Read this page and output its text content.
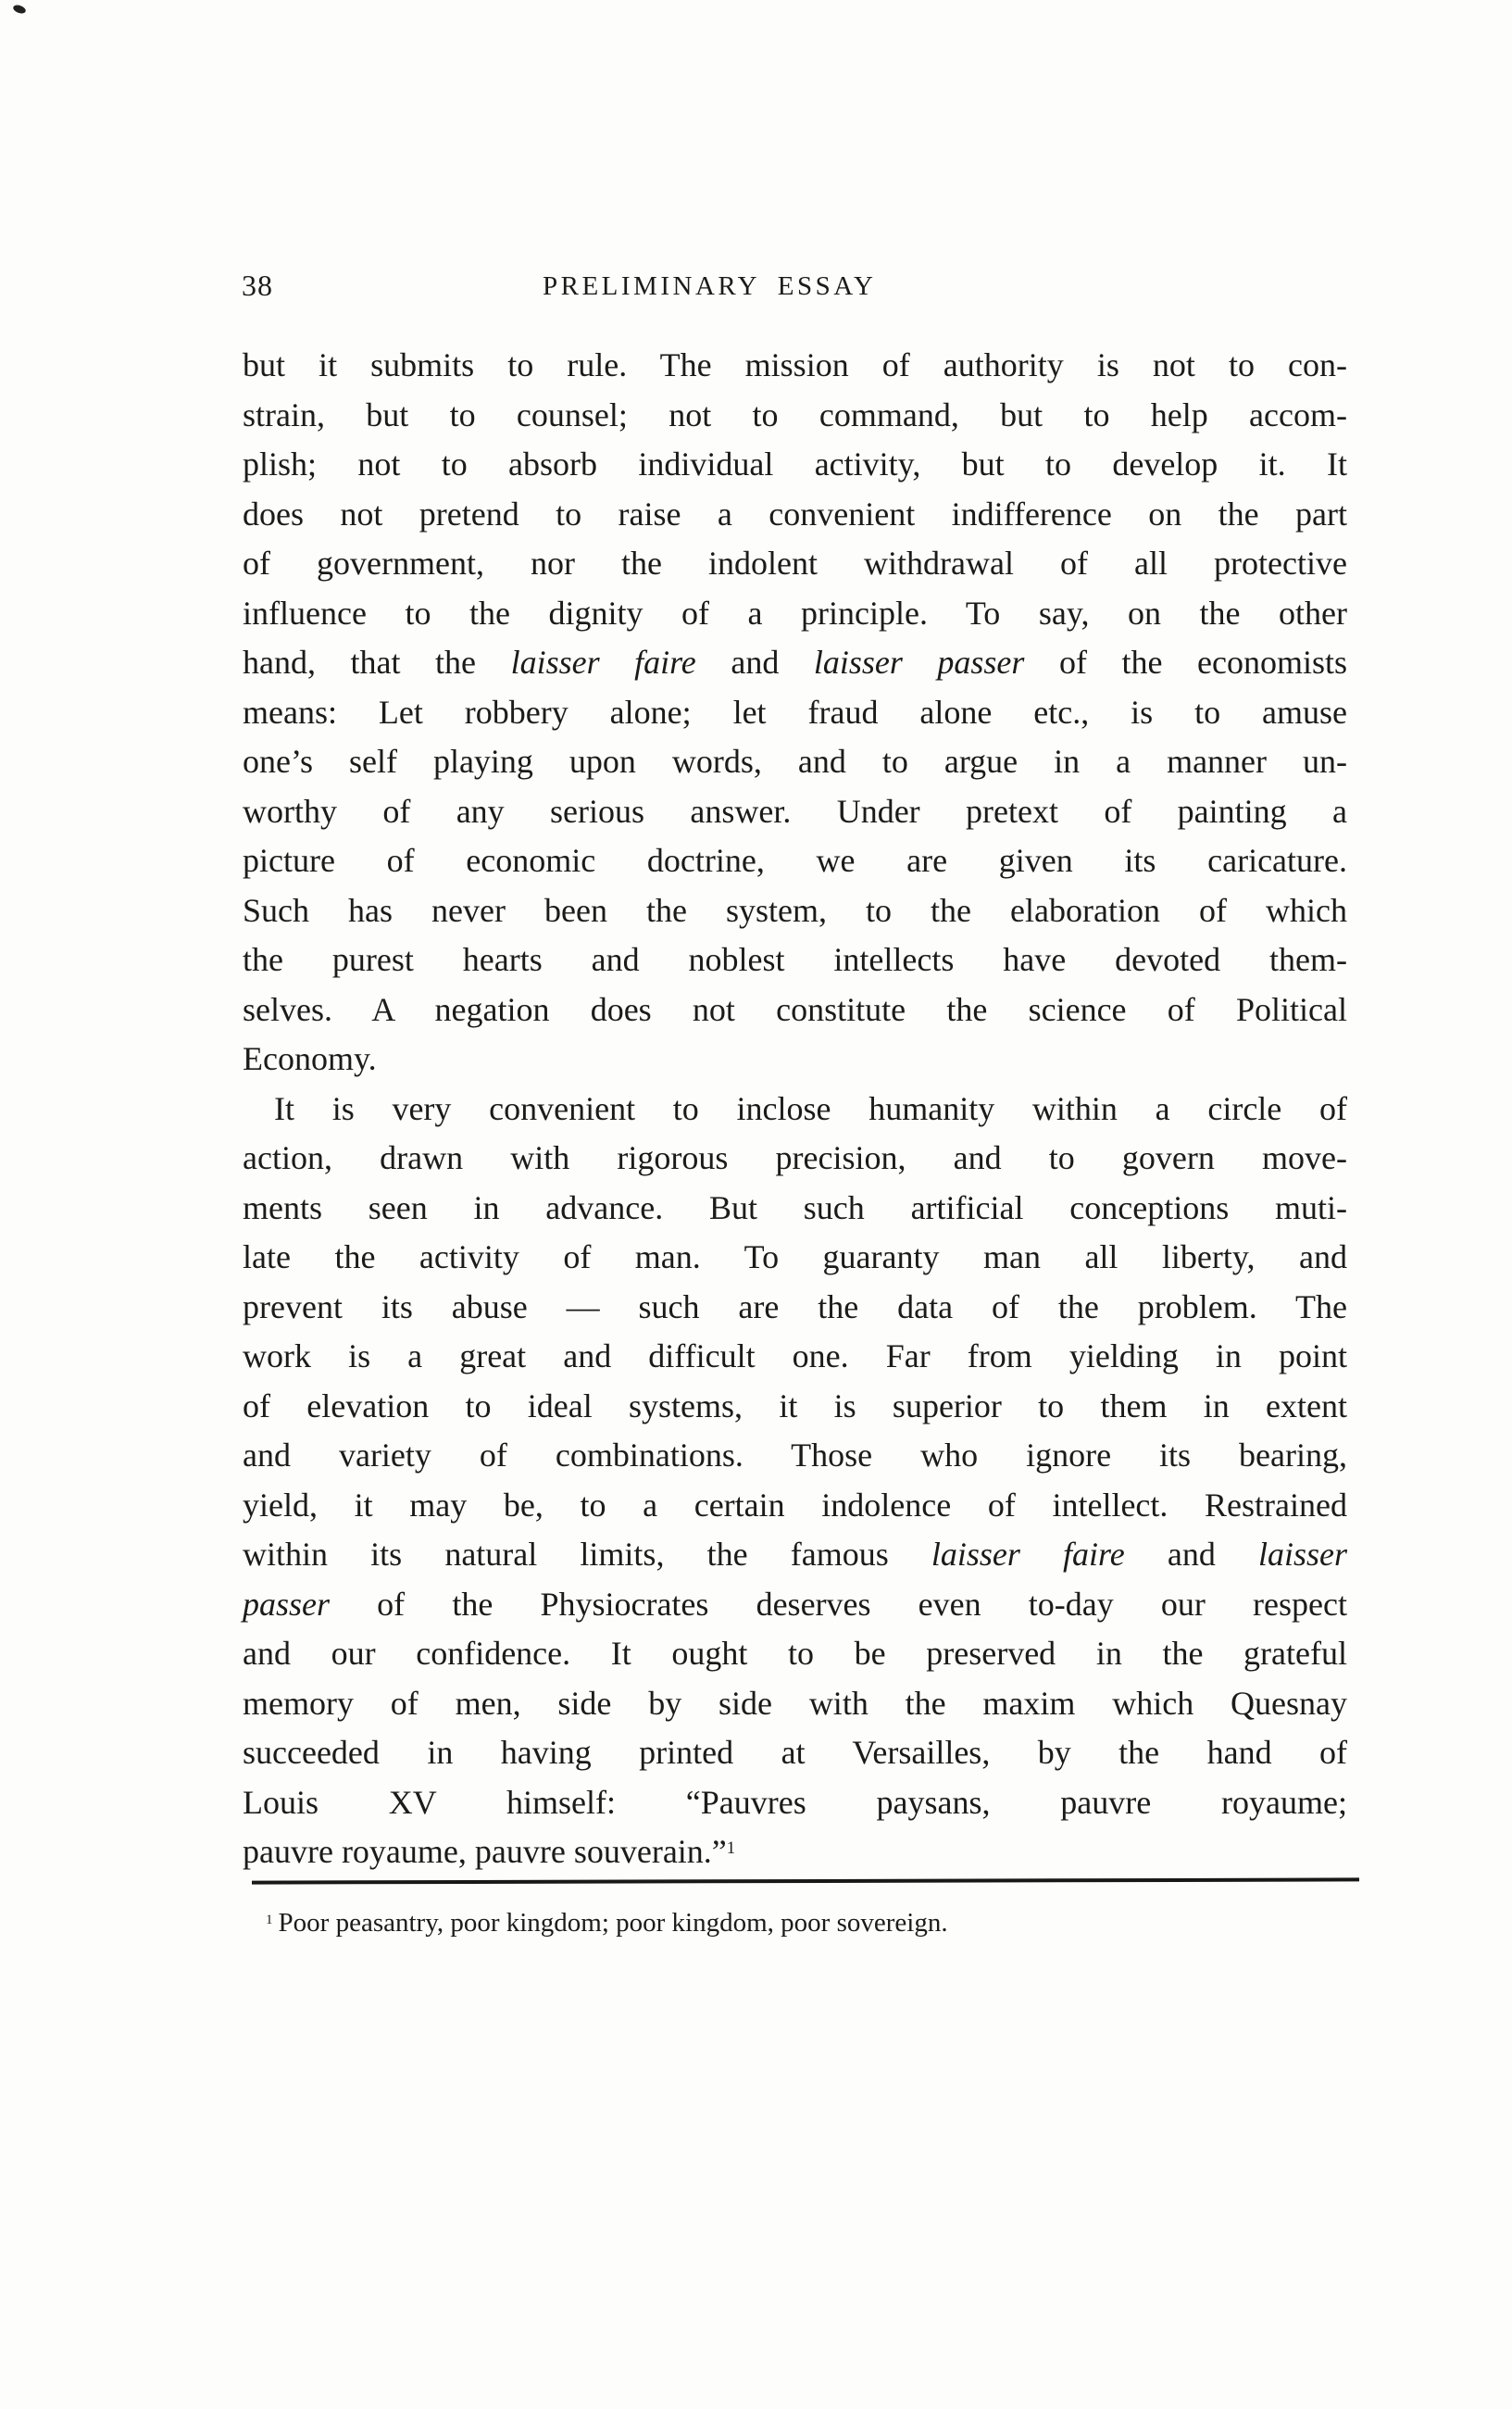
38	PRELIMINARY ESSAY
but it submits to rule. The mission of authority is not to con-
strain, but to counsel; not to command, but to help accom-
plish; not to absorb individual activity, but to develop it. It
does not pretend to raise a convenient indifference on the part
of government, nor the indolent withdrawal of all protective
influence to the dignity of a principle. To say, on the other
hand, that the laisser faire and laisser passer of the economists
means: Let robbery alone; let fraud alone etc., is to amuse
one’s self playing upon words, and to argue in a manner un-
worthy of any serious answer. Under pretext of painting a
picture of economic doctrine, we are given its caricature.
Such has never been the system, to the elaboration of which
the purest hearts and noblest intellects have devoted them-
selves. A negation does not constitute the science of Political
Economy.
It is very convenient to inclose humanity within a circle of
action, drawn with rigorous precision, and to govern move-
ments seen in advance. But such artificial conceptions muti-
late the activity of man. To guaranty man all liberty, and
prevent its abuse — such are the data of the problem. The
work is a great and difficult one. Far from yielding in point
of elevation to ideal systems, it is superior to them in extent
and variety of combinations. Those who ignore its bearing,
yield, it may be, to a certain indolence of intellect. Restrained
within its natural limits, the famous laisser faire and laisser
passer of the Physiocrates deserves even to-day our respect
and our confidence. It ought to be preserved in the grateful
memory of men, side by side with the maxim which Quesnay
succeeded in having printed at Versailles, by the hand of
Louis XV himself: “Pauvres paysans, pauvre royaume;
pauvre royaume, pauvre souverain.”$^1$
$^1$ Poor peasantry, poor kingdom; poor kingdom, poor sovereign.
